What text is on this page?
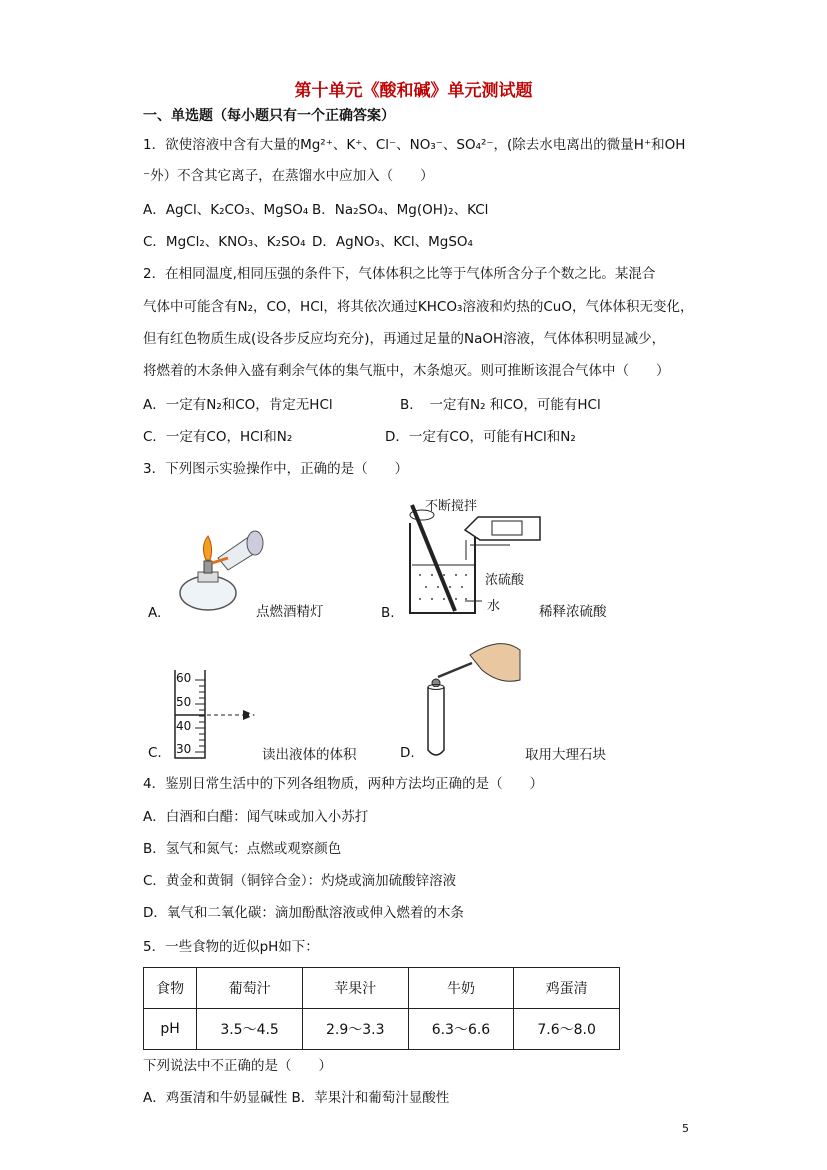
第十单元《酸和碱》单元测试题
一、单选题（每小题只有一个正确答案）
1．欲使溶液中含有大量的Mg²⁺、K⁺、Cl⁻、NO₃⁻、SO₄²⁻，(除去水电离出的微量H⁺和OH
⁻外）不含其它离子，在蒸馏水中应加入（　　）
A．AgCl、K₂CO₃、MgSO₄ B．Na₂SO₄、Mg(OH)₂、KCl
C．MgCl₂、KNO₃、K₂SO₄ D．AgNO₃、KCl、MgSO₄
2．在相同温度,相同压强的条件下，气体体积之比等于气体所含分子个数之比。某混合
气体中可能含有N₂，CO，HCl，将其依次通过KHCO₃溶液和灼热的CuO，气体体积无变化，
但有红色物质生成(设各步反应均充分)，再通过足量的NaOH溶液，气体体积明显减少，
将燃着的木条伸入盛有剩余气体的集气瓶中，木条熄灭。则可推断该混合气体中（　　）
A．一定有N₂和CO，肯定无HCl	B．　一定有N₂ 和CO，可能有HCl
C．一定有CO，HCl和N₂	D．一定有CO，可能有HCl和N₂
3．下列图示实验操作中，正确的是（　　）
A.	点燃酒精灯
不断搅拌
浓硫酸
水
B.	稀释浓硫酸
60
50
40
30
C.	读出液体的体积	D.	取用大理石块
4．鉴别日常生活中的下列各组物质，两种方法均正确的是（　　）
A．白酒和白醋：闻气味或加入小苏打
B．氢气和氮气：点燃或观察颜色
C．黄金和黄铜（铜锌合金）：灼烧或滴加硫酸锌溶液
D．氧气和二氧化碳：滴加酚酞溶液或伸入燃着的木条
5．一些食物的近似pH如下：
食物	葡萄汁	苹果汁	牛奶	鸡蛋清
pH	3.5～4.5	2.9～3.3	6.3～6.6	7.6～8.0
下列说法中不正确的是（　　）
A．鸡蛋清和牛奶显碱性 B．苹果汁和葡萄汁显酸性
5
